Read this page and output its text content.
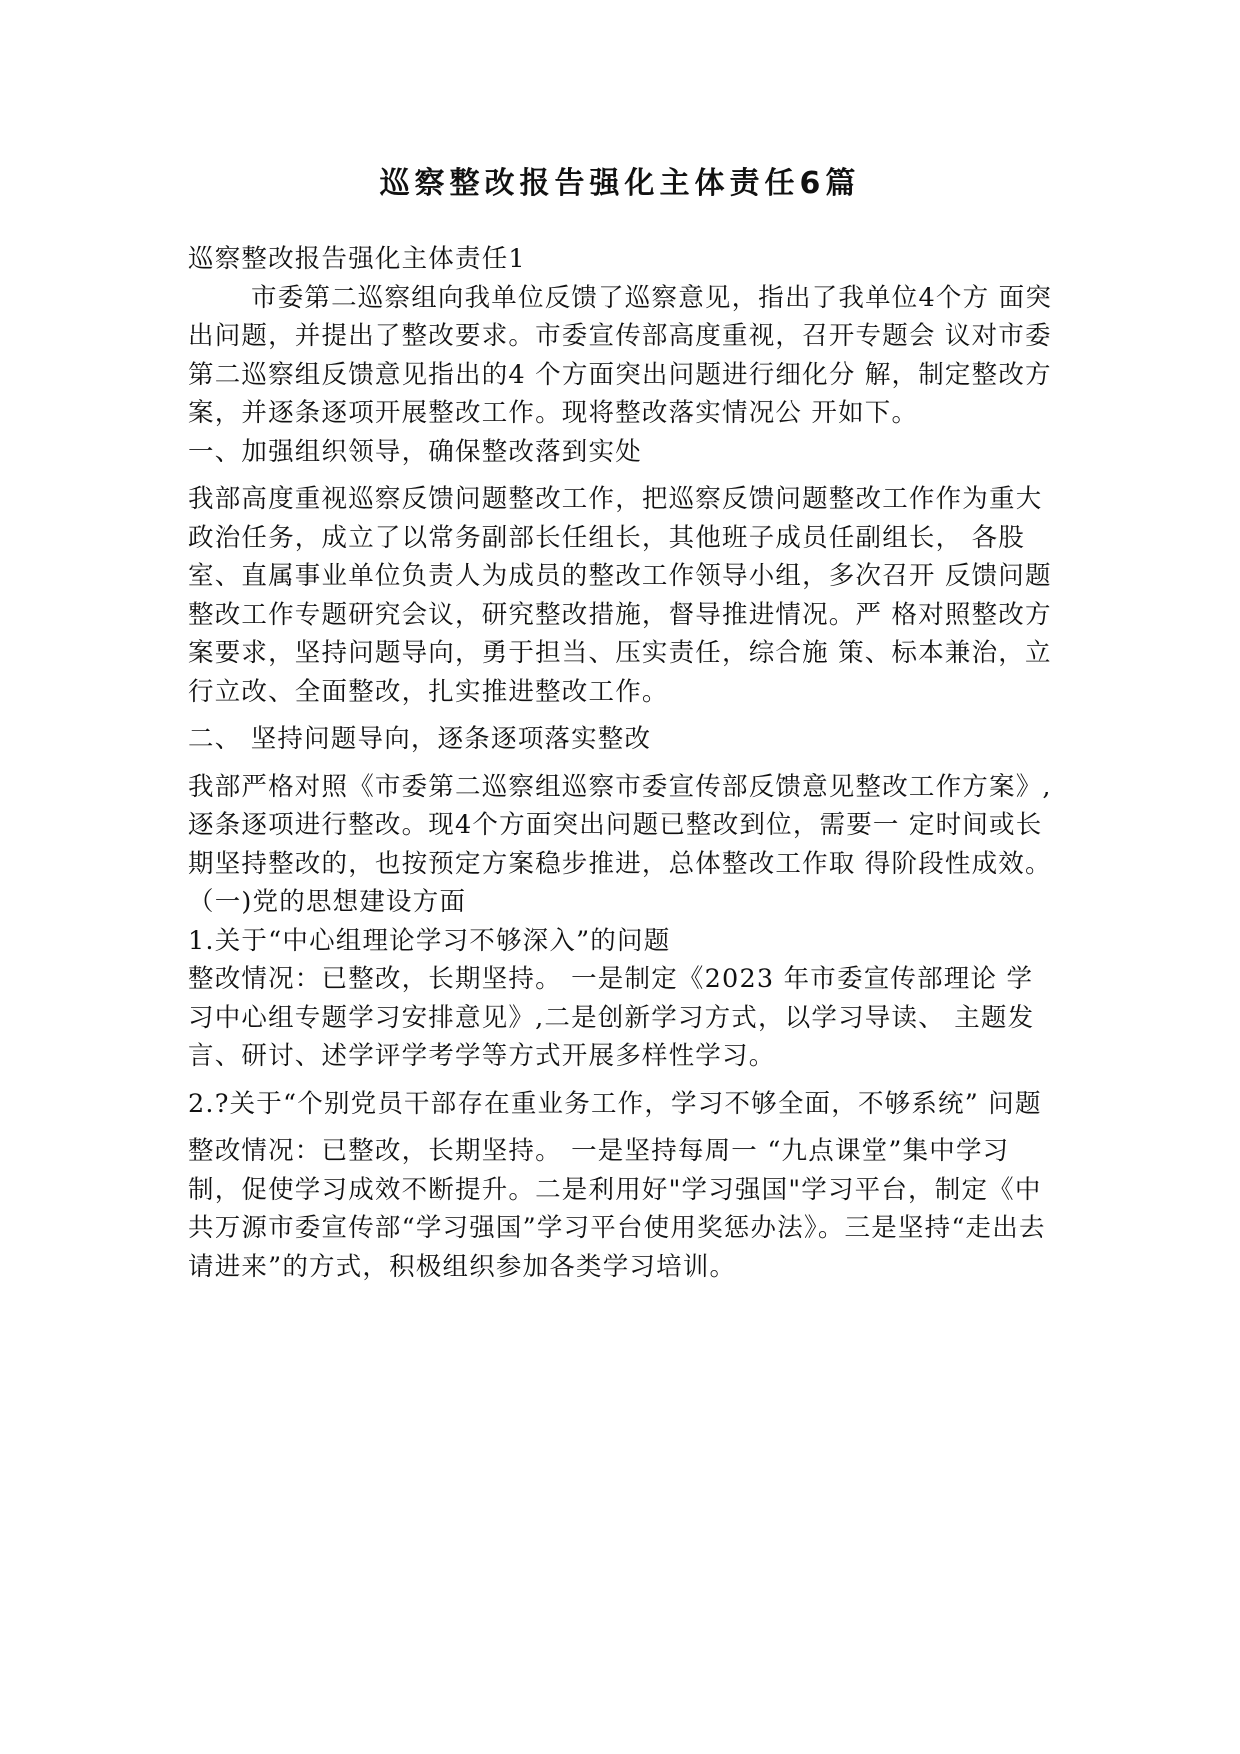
巡察整改报告强化主体责任6篇

巡察整改报告强化主体责任1

市委第二巡察组向我单位反馈了巡察意见，指出了我单位4个方 面突出问题，并提出了整改要求。市委宣传部高度重视，召开专题会 议对市委第二巡察组反馈意见指出的4 个方面突出问题进行细化分 解，制定整改方案，并逐条逐项开展整改工作。现将整改落实情况公 开如下。

一、加强组织领导，确保整改落到实处

我部高度重视巡察反馈问题整改工作，把巡察反馈问题整改工作作为重大政治任务，成立了以常务副部长任组长，其他班子成员任副组长， 各股室、直属事业单位负责人为成员的整改工作领导小组，多次召开 反馈问题整改工作专题研究会议，研究整改措施，督导推进情况。严 格对照整改方案要求，坚持问题导向，勇于担当、压实责任，综合施 策、标本兼治，立行立改、全面整改，扎实推进整改工作。

二、 坚持问题导向，逐条逐项落实整改

我部严格对照《市委第二巡察组巡察市委宣传部反馈意见整改工作方案》,逐条逐项进行整改。现4个方面突出问题已整改到位，需要一 定时间或长期坚持整改的，也按预定方案稳步推进，总体整改工作取 得阶段性成效。

（一)党的思想建设方面

1.关于“中心组理论学习不够深入”的问题

整改情况：已整改，长期坚持。 一是制定《2023 年市委宣传部理论 学习中心组专题学习安排意见》,二是创新学习方式，以学习导读、 主题发言、研讨、述学评学考学等方式开展多样性学习。

2.?关于“个别党员干部存在重业务工作，学习不够全面，不够系统” 问题

整改情况：已整改，长期坚持。 一是坚持每周一 “九点课堂”集中学习制，促使学习成效不断提升。二是利用好"学习强国"学习平台，制定《中共万源市委宣传部“学习强国”学习平台使用奖惩办法》。三是坚持“走出去请进来”的方式，积极组织参加各类学习培训。
